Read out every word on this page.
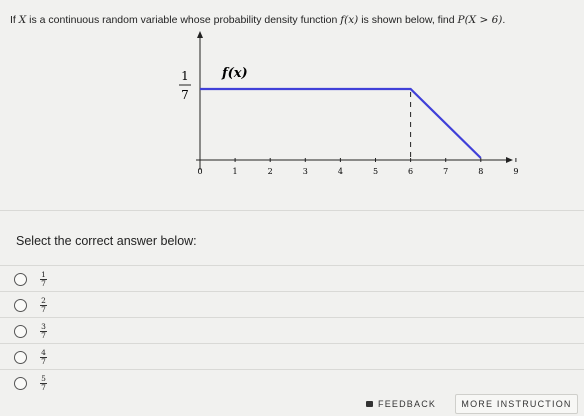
If X is a continuous random variable whose probability density function f(x) is shown below, find P(X > 6).
0	1	2	3	4	5	6	7	8	9
1
7
f(x)
Select the correct answer below:
$\frac{1}{7}$
$\frac{2}{7}$
$\frac{3}{7}$
$\frac{4}{7}$
$\frac{5}{7}$
FEEDBACK	MORE INSTRUCTION
